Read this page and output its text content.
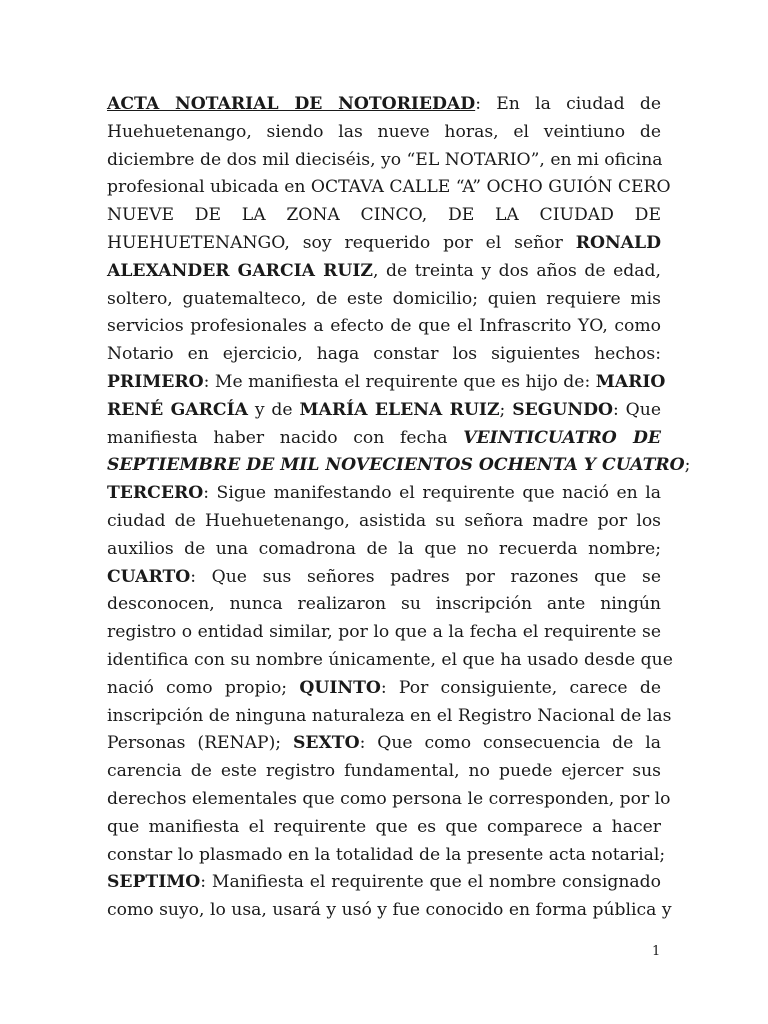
ACTA NOTARIAL DE NOTORIEDAD: En la ciudad de
Huehuetenango, siendo las nueve horas, el veintiuno de
diciembre de dos mil dieciséis, yo “EL NOTARIO”, en mi oficina
profesional ubicada en OCTAVA CALLE “A” OCHO GUIÓN CERO
NUEVE DE LA ZONA CINCO, DE LA CIUDAD DE
HUEHUETENANGO, soy requerido por el señor RONALD
ALEXANDER GARCIA RUIZ, de treinta y dos años de edad,
soltero, guatemalteco, de este domicilio; quien requiere mis
servicios profesionales a efecto de que el Infrascrito YO, como
Notario en ejercicio, haga constar los siguientes hechos:
PRIMERO: Me manifiesta el requirente que es hijo de: MARIO
RENÉ GARCÍA y de MARÍA ELENA RUIZ; SEGUNDO: Que
manifiesta haber nacido con fecha VEINTICUATRO DE
SEPTIEMBRE DE MIL NOVECIENTOS OCHENTA Y CUATRO;
TERCERO: Sigue manifestando el requirente que nació en la
ciudad de Huehuetenango, asistida su señora madre por los
auxilios de una comadrona de la que no recuerda nombre;
CUARTO: Que sus señores padres por razones que se
desconocen, nunca realizaron su inscripción ante ningún
registro o entidad similar, por lo que a la fecha el requirente se
identifica con su nombre únicamente, el que ha usado desde que
nació como propio; QUINTO: Por consiguiente, carece de
inscripción de ninguna naturaleza en el Registro Nacional de las
Personas (RENAP); SEXTO: Que como consecuencia de la
carencia de este registro fundamental, no puede ejercer sus
derechos elementales que como persona le corresponden, por lo
que manifiesta el requirente que es que comparece a hacer
constar lo plasmado en la totalidad de la presente acta notarial;
SEPTIMO: Manifiesta el requirente que el nombre consignado
como suyo, lo usa, usará y usó y fue conocido en forma pública y
1
